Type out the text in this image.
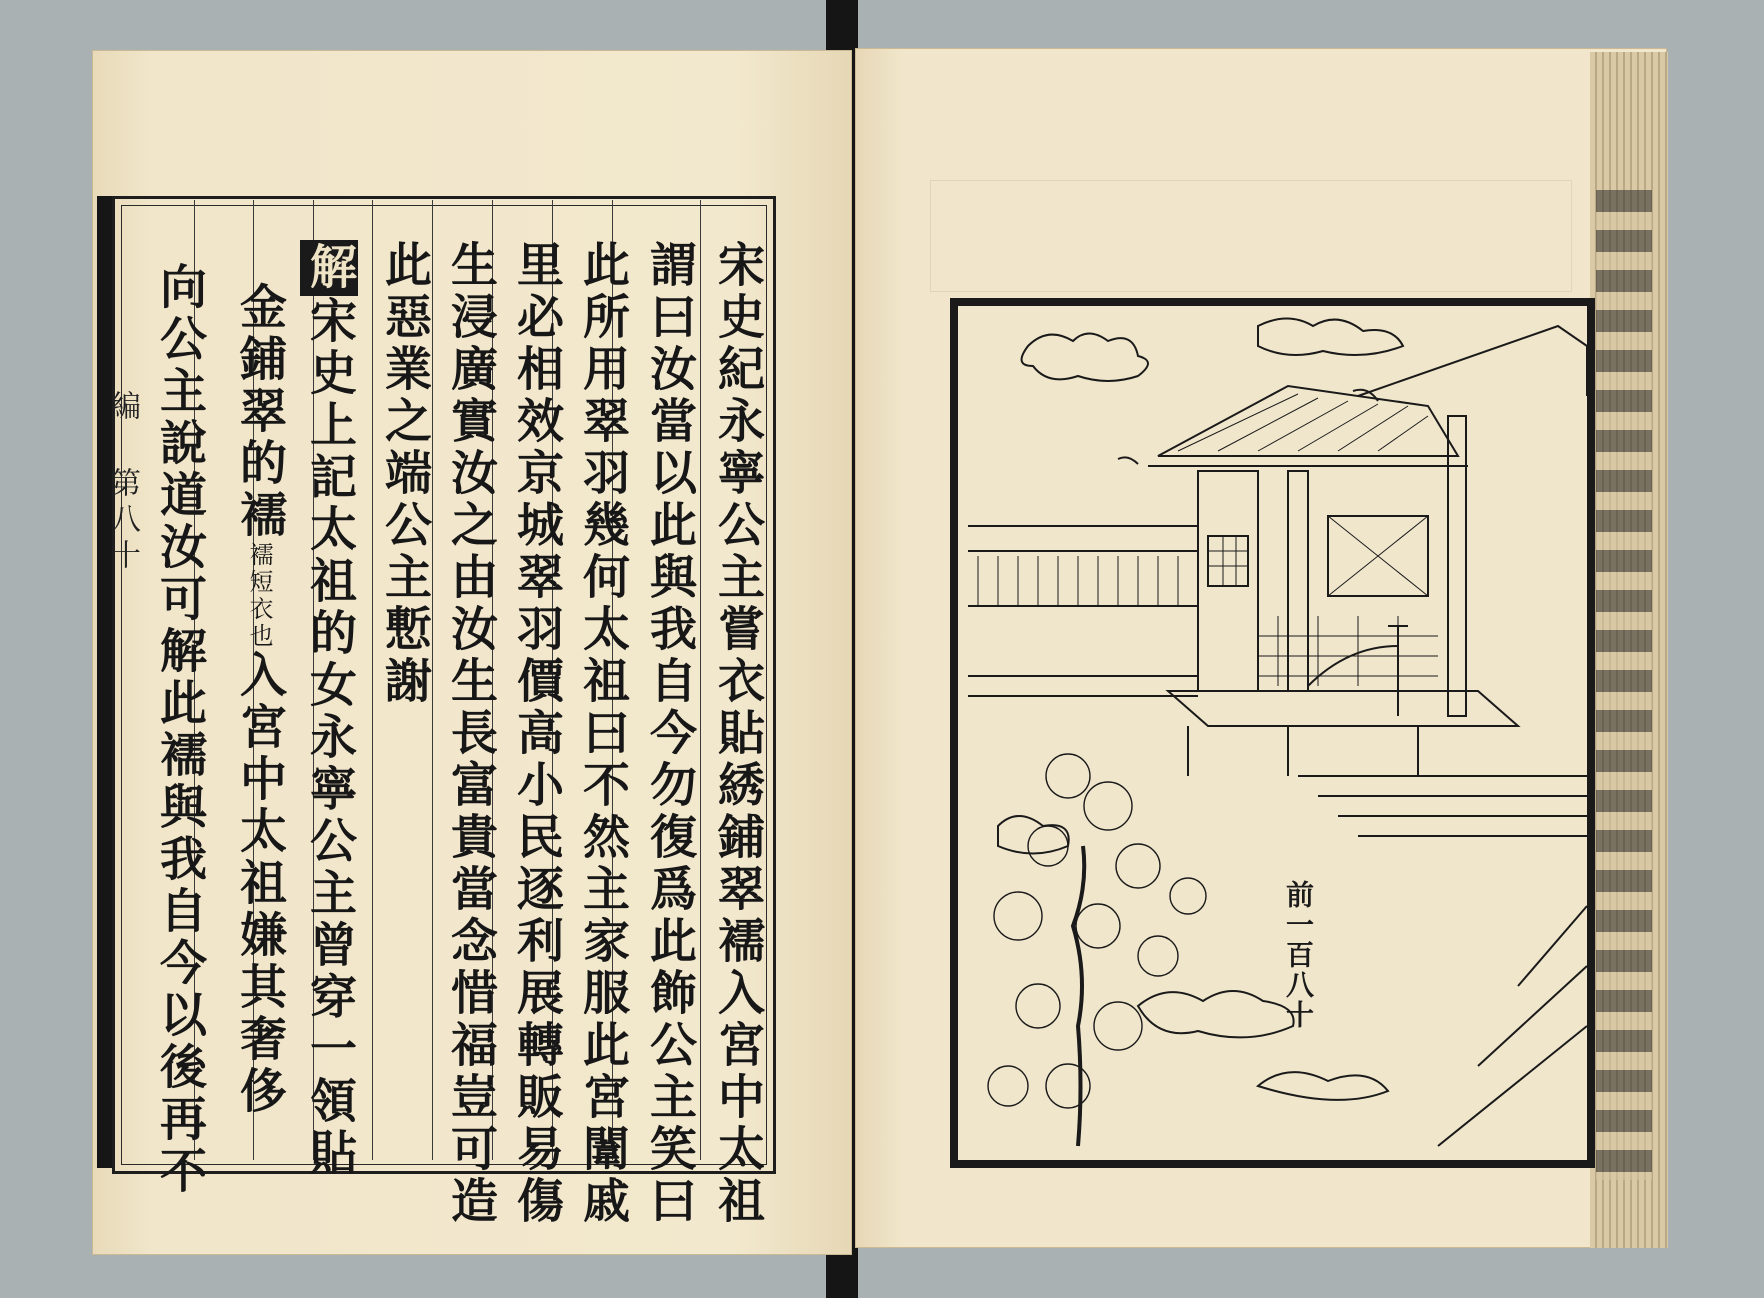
編 第八十	宋史紀永寧公主嘗衣貼綉鋪翠襦入宮中太祖
謂曰汝當以此與我自今勿復爲此飾公主笑曰
此所用翠羽幾何太祖曰不然主家服此宮闈戚
里必相效京城翠羽價高小民逐利展轉販易傷
生浸廣實汝之由汝生長富貴當念惜福豈可造
此惡業之端公主慙謝
解宋史上記太祖的女永寧公主曾穿一領貼
金鋪翠的襦襦短衣也入宮中太祖嫌其奢侈
向公主說道汝可解此襦與我自今以後再不	前一百八十
